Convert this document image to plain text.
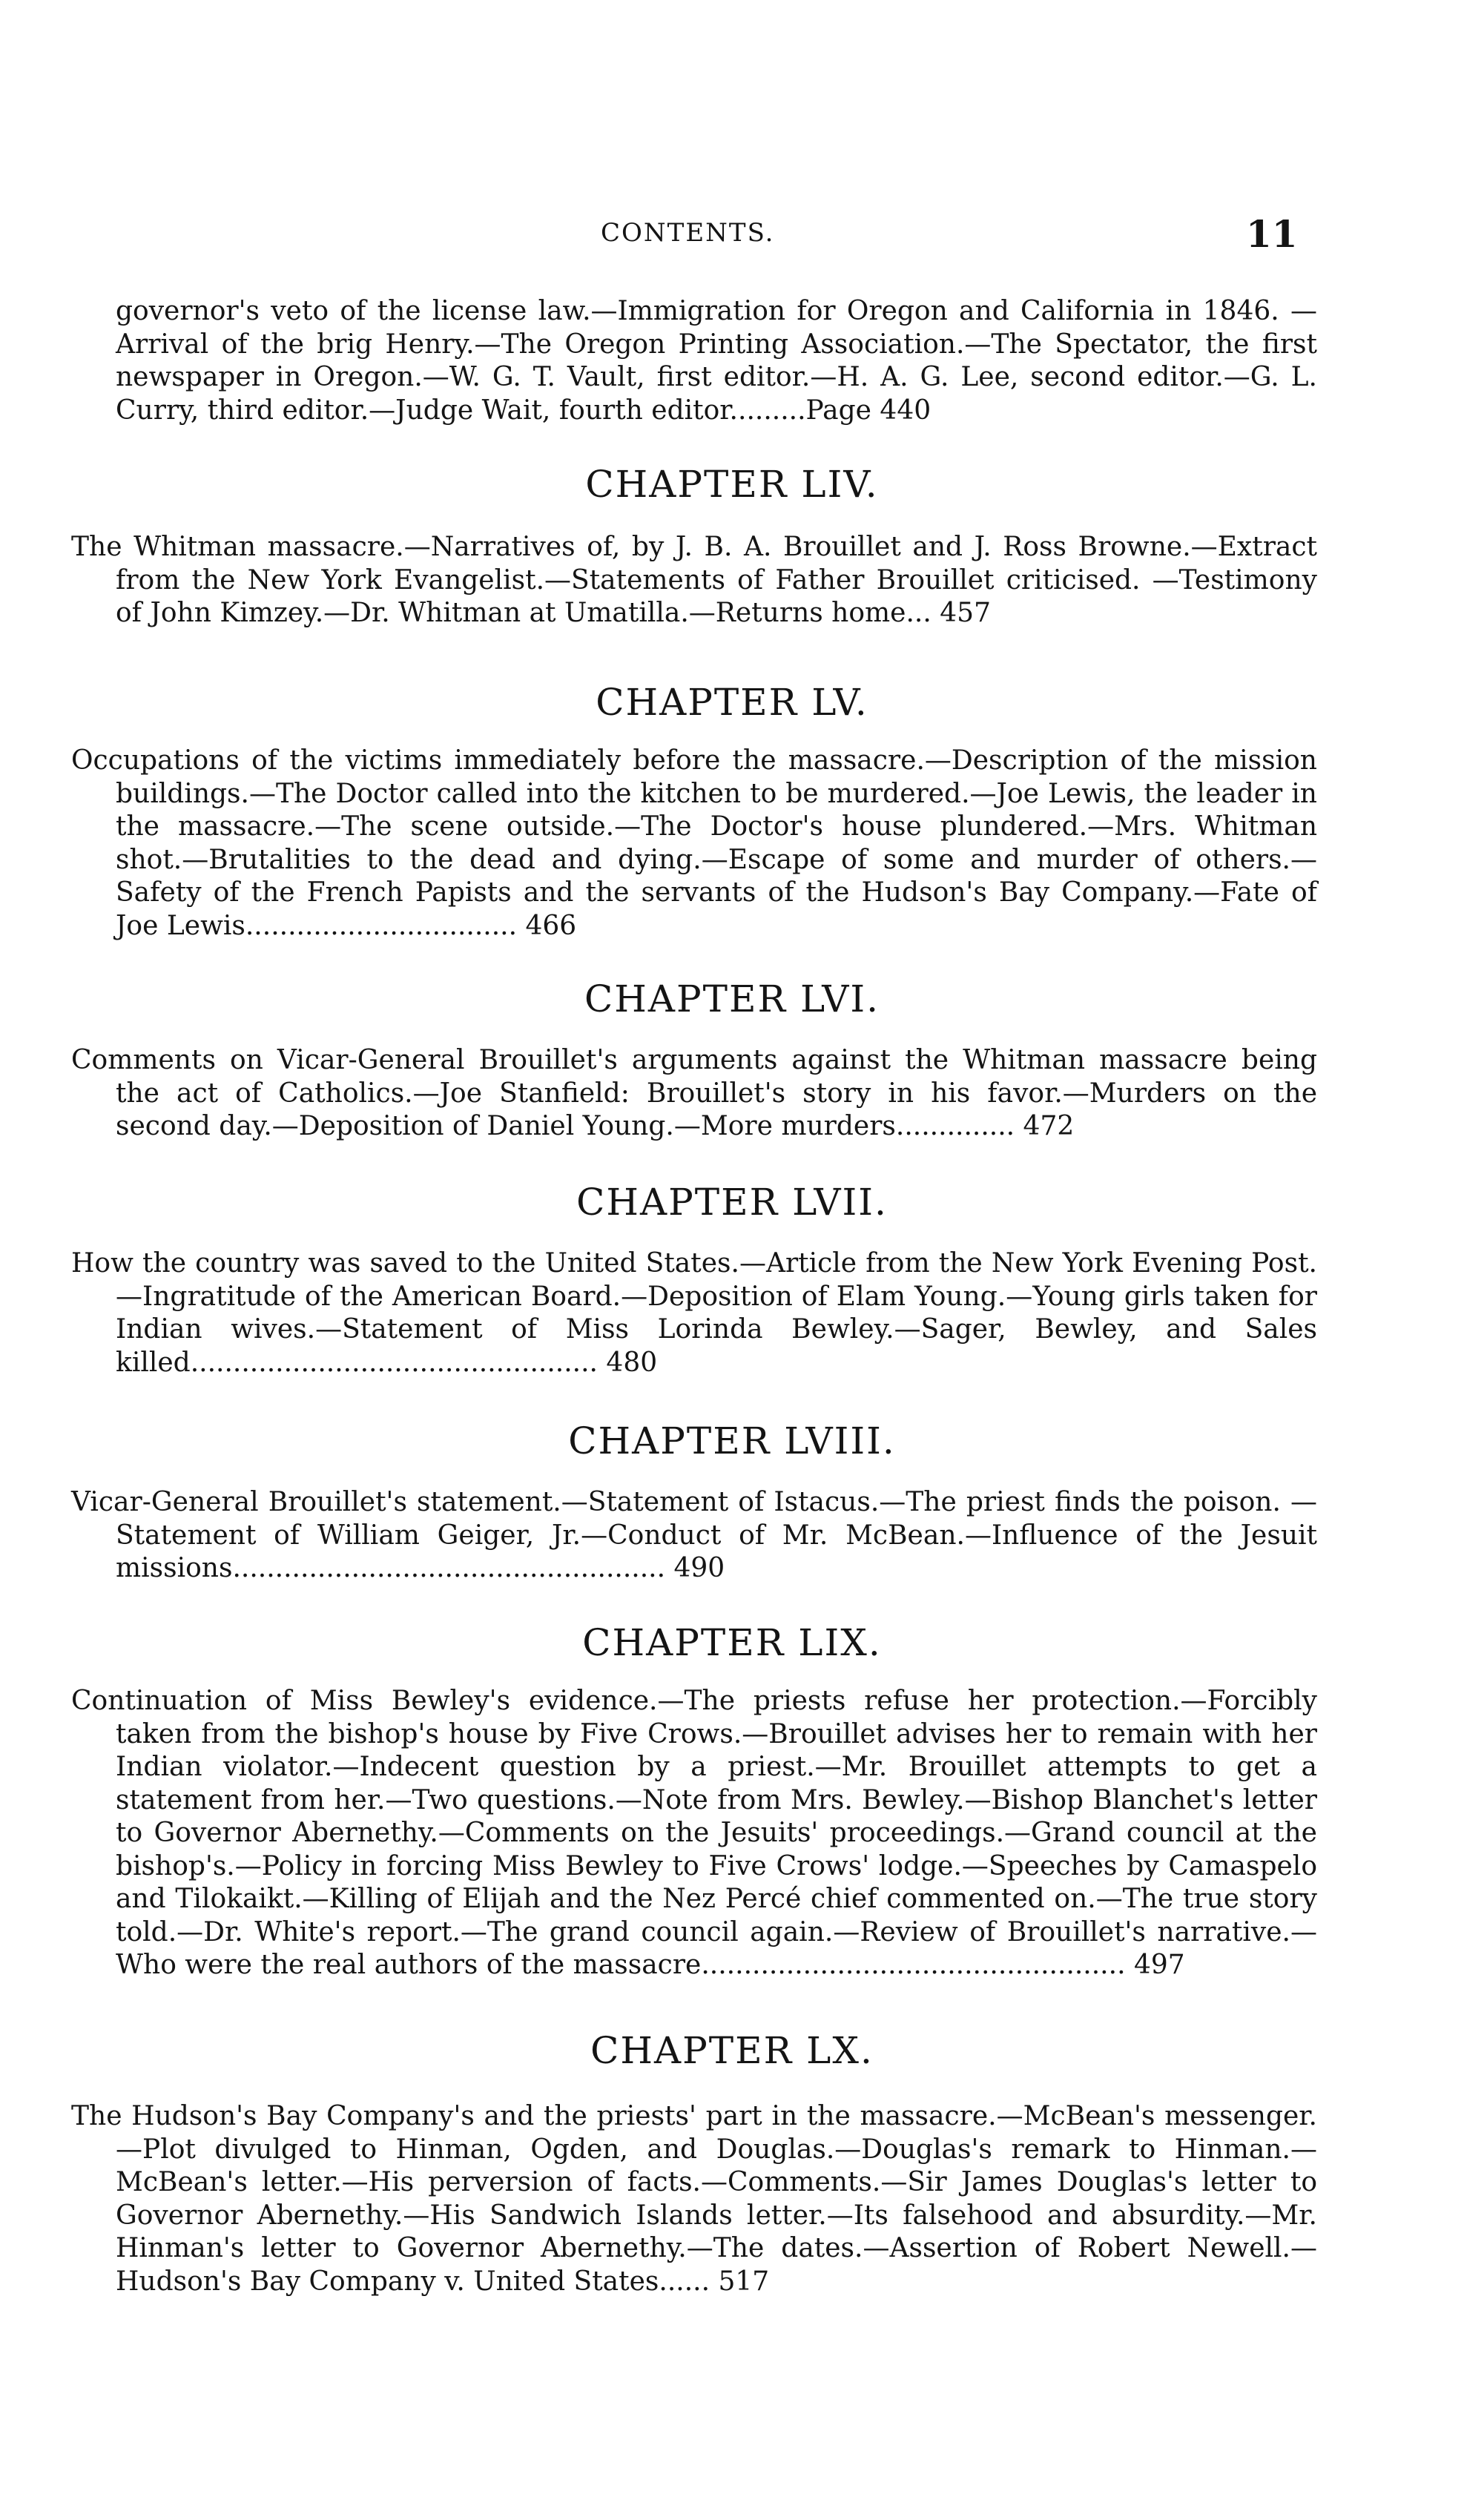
CONTENTS.	11

governor's veto of the license law.—Immigration for Oregon and California in 1846. —Arrival of the brig Henry.—The Oregon Printing Association.—The Spectator, the first newspaper in Oregon.—W. G. T. Vault, first editor.—H. A. G. Lee, second editor.—G. L. Curry, third editor.—Judge Wait, fourth editor.........Page 440

CHAPTER LIV.

The Whitman massacre.—Narratives of, by J. B. A. Brouillet and J. Ross Browne.—Extract from the New York Evangelist.—Statements of Father Brouillet criticised. —Testimony of John Kimzey.—Dr. Whitman at Umatilla.—Returns home... 457

CHAPTER LV.

Occupations of the victims immediately before the massacre.—Description of the mission buildings.—The Doctor called into the kitchen to be murdered.—Joe Lewis, the leader in the massacre.—The scene outside.—The Doctor's house plundered.—Mrs. Whitman shot.—Brutalities to the dead and dying.—Escape of some and murder of others.—Safety of the French Papists and the servants of the Hudson's Bay Company.—Fate of Joe Lewis................................ 466

CHAPTER LVI.

Comments on Vicar-General Brouillet's arguments against the Whitman massacre being the act of Catholics.—Joe Stanfield: Brouillet's story in his favor.—Murders on the second day.—Deposition of Daniel Young.—More murders.............. 472

CHAPTER LVII.

How the country was saved to the United States.—Article from the New York Evening Post.—Ingratitude of the American Board.—Deposition of Elam Young.—Young girls taken for Indian wives.—Statement of Miss Lorinda Bewley.—Sager, Bewley, and Sales killed................................................ 480

CHAPTER LVIII.

Vicar-General Brouillet's statement.—Statement of Istacus.—The priest finds the poison. —Statement of William Geiger, Jr.—Conduct of Mr. McBean.—Influence of the Jesuit missions................................................... 490

CHAPTER LIX.

Continuation of Miss Bewley's evidence.—The priests refuse her protection.—Forcibly taken from the bishop's house by Five Crows.—Brouillet advises her to remain with her Indian violator.—Indecent question by a priest.—Mr. Brouillet attempts to get a statement from her.—Two questions.—Note from Mrs. Bewley.—Bishop Blanchet's letter to Governor Abernethy.—Comments on the Jesuits' proceedings.—Grand council at the bishop's.—Policy in forcing Miss Bewley to Five Crows' lodge.—Speeches by Camaspelo and Tilokaikt.—Killing of Elijah and the Nez Percé chief commented on.—The true story told.—Dr. White's report.—The grand council again.—Review of Brouillet's narrative.—Who were the real authors of the massacre.................................................. 497

CHAPTER LX.

The Hudson's Bay Company's and the priests' part in the massacre.—McBean's messenger.—Plot divulged to Hinman, Ogden, and Douglas.—Douglas's remark to Hinman.—McBean's letter.—His perversion of facts.—Comments.—Sir James Douglas's letter to Governor Abernethy.—His Sandwich Islands letter.—Its falsehood and absurdity.—Mr. Hinman's letter to Governor Abernethy.—The dates.—Assertion of Robert Newell.—Hudson's Bay Company v. United States...... 517
